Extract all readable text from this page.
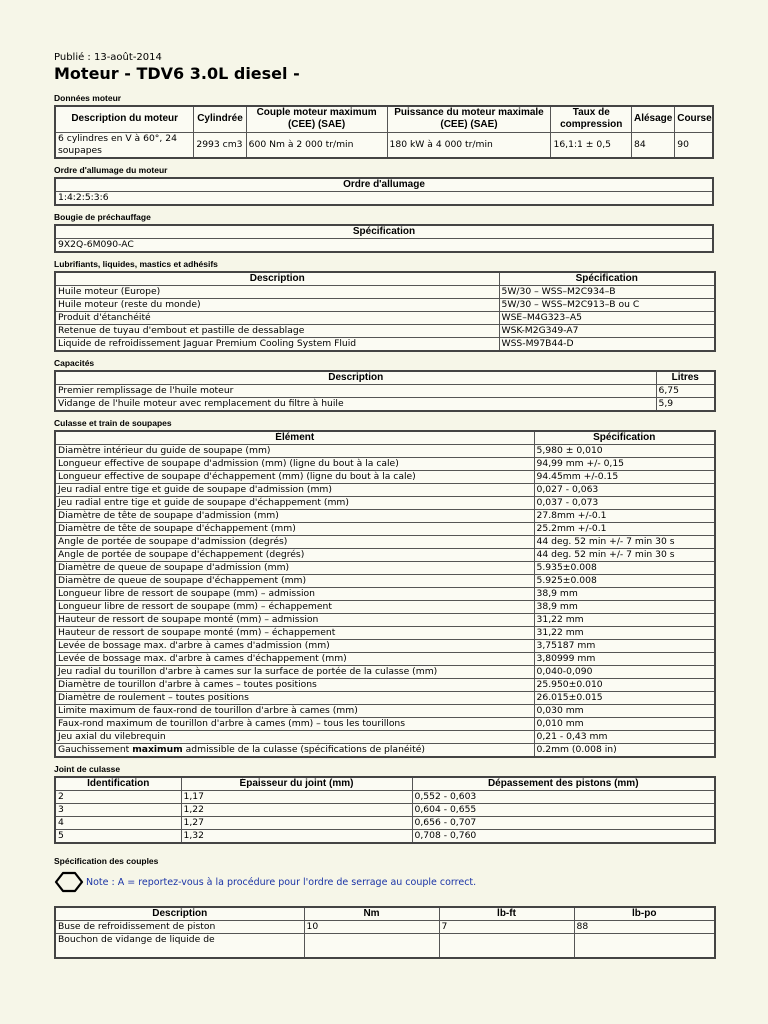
Publié : 13-août-2014
Moteur - TDV6 3.0L diesel -
Données moteur
Description du moteur	Cylindrée	Couple moteur maximum (CEE) (SAE)	Puissance du moteur maximale (CEE) (SAE)	Taux de compression	Alésage	Course
6 cylindres en V à 60°, 24 soupapes	2993 cm3	600 Nm à 2 000 tr/min	180 kW à 4 000 tr/min	16,1:1 ± 0,5	84	90
Ordre d'allumage du moteur
Ordre d'allumage
1:4:2:5:3:6
Bougie de préchauffage
Spécification
9X2Q-6M090-AC
Lubrifiants, liquides, mastics et adhésifs
Description	Spécification
Huile moteur (Europe)	5W/30 – WSS–M2C934–B
Huile moteur (reste du monde)	5W/30 – WSS–M2C913–B ou C
Produit d'étanchéité	WSE–M4G323–A5
Retenue de tuyau d'embout et pastille de dessablage	WSK-M2G349-A7
Liquide de refroidissement Jaguar Premium Cooling System Fluid	WSS-M97B44-D
Capacités
Description	Litres
Premier remplissage de l'huile moteur	6,75
Vidange de l'huile moteur avec remplacement du filtre à huile	5,9
Culasse et train de soupapes
Élément	Spécification
Diamètre intérieur du guide de soupape (mm)	5,980 ± 0,010
Longueur effective de soupape d'admission (mm) (ligne du bout à la cale)	94,99 mm +/- 0,15
Longueur effective de soupape d'échappement (mm) (ligne du bout à la cale)	94.45mm +/-0.15
Jeu radial entre tige et guide de soupape d'admission (mm)	0,027 - 0,063
Jeu radial entre tige et guide de soupape d'échappement (mm)	0,037 - 0,073
Diamètre de tête de soupape d'admission (mm)	27.8mm +/-0.1
Diamètre de tête de soupape d'échappement (mm)	25.2mm +/-0.1
Angle de portée de soupape d'admission (degrés)	44 deg. 52 min +/- 7 min 30 s
Angle de portée de soupape d'échappement (degrés)	44 deg. 52 min +/- 7 min 30 s
Diamètre de queue de soupape d'admission (mm)	5.935±0.008
Diamètre de queue de soupape d'échappement (mm)	5.925±0.008
Longueur libre de ressort de soupape (mm) – admission	38,9 mm
Longueur libre de ressort de soupape (mm) – échappement	38,9 mm
Hauteur de ressort de soupape monté (mm) – admission	31,22 mm
Hauteur de ressort de soupape monté (mm) – échappement	31,22 mm
Levée de bossage max. d'arbre à cames d'admission (mm)	3,75187 mm
Levée de bossage max. d'arbre à cames d'échappement (mm)	3,80999 mm
Jeu radial du tourillon d'arbre à cames sur la surface de portée de la culasse (mm)	0,040-0,090
Diamètre de tourillon d'arbre à cames – toutes positions	25.950±0.010
Diamètre de roulement – toutes positions	26.015±0.015
Limite maximum de faux-rond de tourillon d'arbre à cames (mm)	0,030 mm
Faux-rond maximum de tourillon d'arbre à cames (mm) – tous les tourillons	0,010 mm
Jeu axial du vilebrequin	0,21 - 0,43 mm
Gauchissement maximum admissible de la culasse (spécifications de planéité)	0.2mm (0.008 in)
Joint de culasse
Identification	Épaisseur du joint (mm)	Dépassement des pistons (mm)
2	1,17	0,552 - 0,603
3	1,22	0,604 - 0,655
4	1,27	0,656 - 0,707
5	1,32	0,708 - 0,760
Spécification des couples
Note : A = reportez-vous à la procédure pour l'ordre de serrage au couple correct.
Description	Nm	lb-ft	lb-po
Buse de refroidissement de piston	10	7	88
Bouchon de vidange de liquide de			
